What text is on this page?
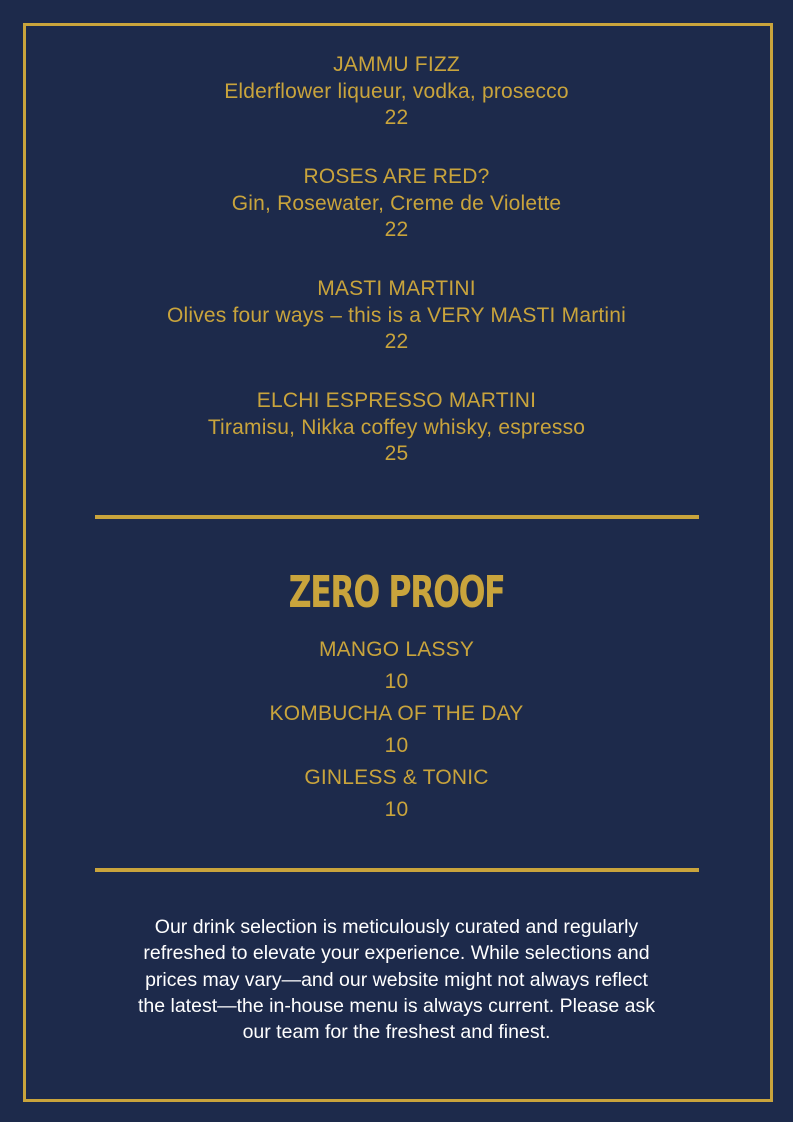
JAMMU FIZZ
Elderflower liqueur, vodka, prosecco
22
ROSES ARE RED?
Gin, Rosewater, Creme de Violette
22
MASTI MARTINI
Olives four ways – this is a VERY MASTI Martini
22
ELCHI ESPRESSO MARTINI
Tiramisu, Nikka coffey whisky, espresso
25
ZERO PROOF
MANGO LASSY
10
KOMBUCHA OF THE DAY
10
GINLESS & TONIC
10
Our drink selection is meticulously curated and regularly refreshed to elevate your experience. While selections and prices may vary—and our website might not always reflect the latest—the in-house menu is always current. Please ask our team for the freshest and finest.
